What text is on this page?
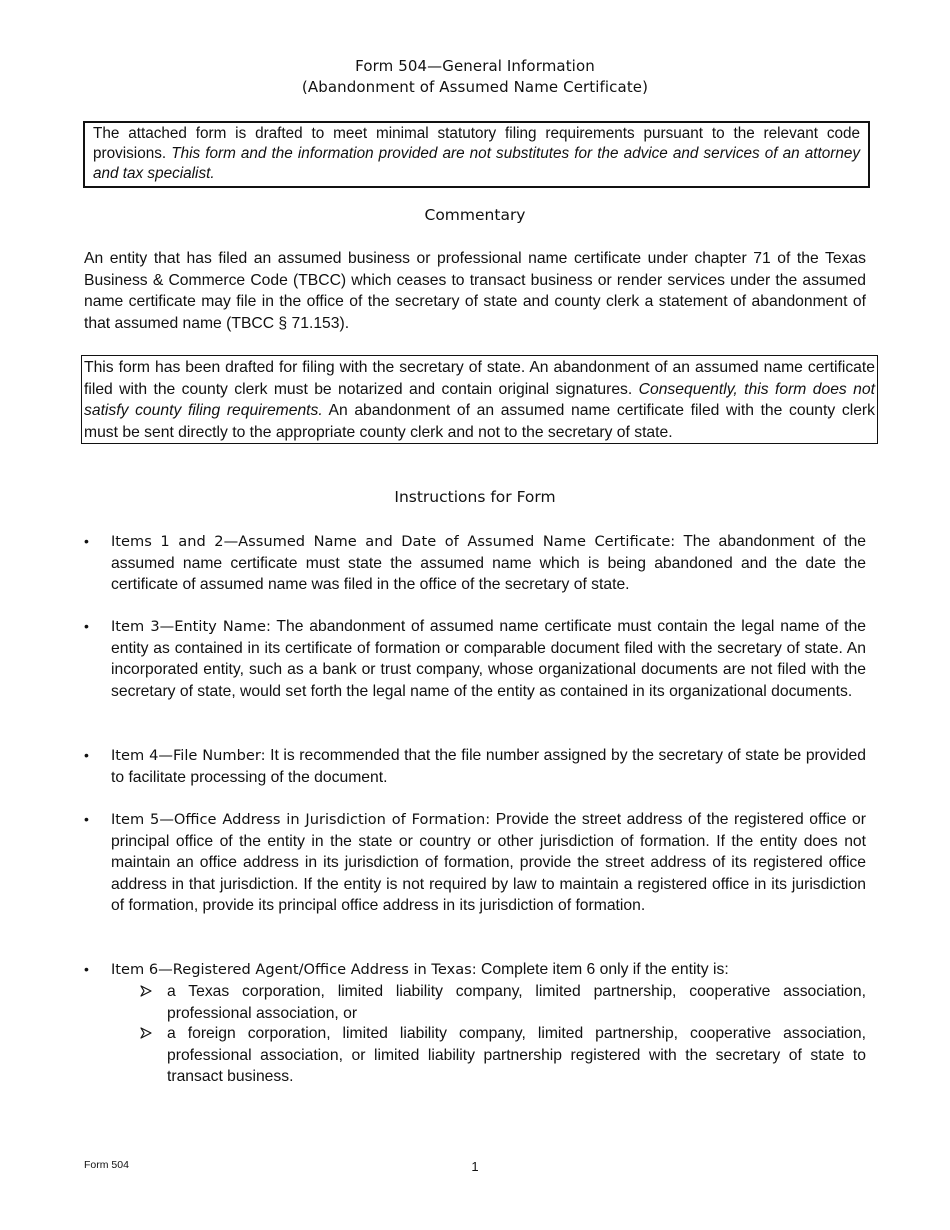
Form 504—General Information
(Abandonment of Assumed Name Certificate)
The attached form is drafted to meet minimal statutory filing requirements pursuant to the relevant code provisions. This form and the information provided are not substitutes for the advice and services of an attorney and tax specialist.
Commentary
An entity that has filed an assumed business or professional name certificate under chapter 71 of the Texas Business & Commerce Code (TBCC) which ceases to transact business or render services under the assumed name certificate may file in the office of the secretary of state and county clerk a statement of abandonment of that assumed name (TBCC § 71.153).
This form has been drafted for filing with the secretary of state. An abandonment of an assumed name certificate filed with the county clerk must be notarized and contain original signatures. Consequently, this form does not satisfy county filing requirements. An abandonment of an assumed name certificate filed with the county clerk must be sent directly to the appropriate county clerk and not to the secretary of state.
Instructions for Form
•	Items 1 and 2—Assumed Name and Date of Assumed Name Certificate: The abandonment of the assumed name certificate must state the assumed name which is being abandoned and the date the certificate of assumed name was filed in the office of the secretary of state.
•	Item 3—Entity Name: The abandonment of assumed name certificate must contain the legal name of the entity as contained in its certificate of formation or comparable document filed with the secretary of state. An incorporated entity, such as a bank or trust company, whose organizational documents are not filed with the secretary of state, would set forth the legal name of the entity as contained in its organizational documents.
•	Item 4—File Number: It is recommended that the file number assigned by the secretary of state be provided to facilitate processing of the document.
•	Item 5—Office Address in Jurisdiction of Formation: Provide the street address of the registered office or principal office of the entity in the state or country or other jurisdiction of formation. If the entity does not maintain an office address in its jurisdiction of formation, provide the street address of its registered office address in that jurisdiction. If the entity is not required by law to maintain a registered office in its jurisdiction of formation, provide its principal office address in its jurisdiction of formation.
•	Item 6—Registered Agent/Office Address in Texas: Complete item 6 only if the entity is:
a Texas corporation, limited liability company, limited partnership, cooperative association, professional association, or
a foreign corporation, limited liability company, limited partnership, cooperative association, professional association, or limited liability partnership registered with the secretary of state to transact business.
Form 504	1
